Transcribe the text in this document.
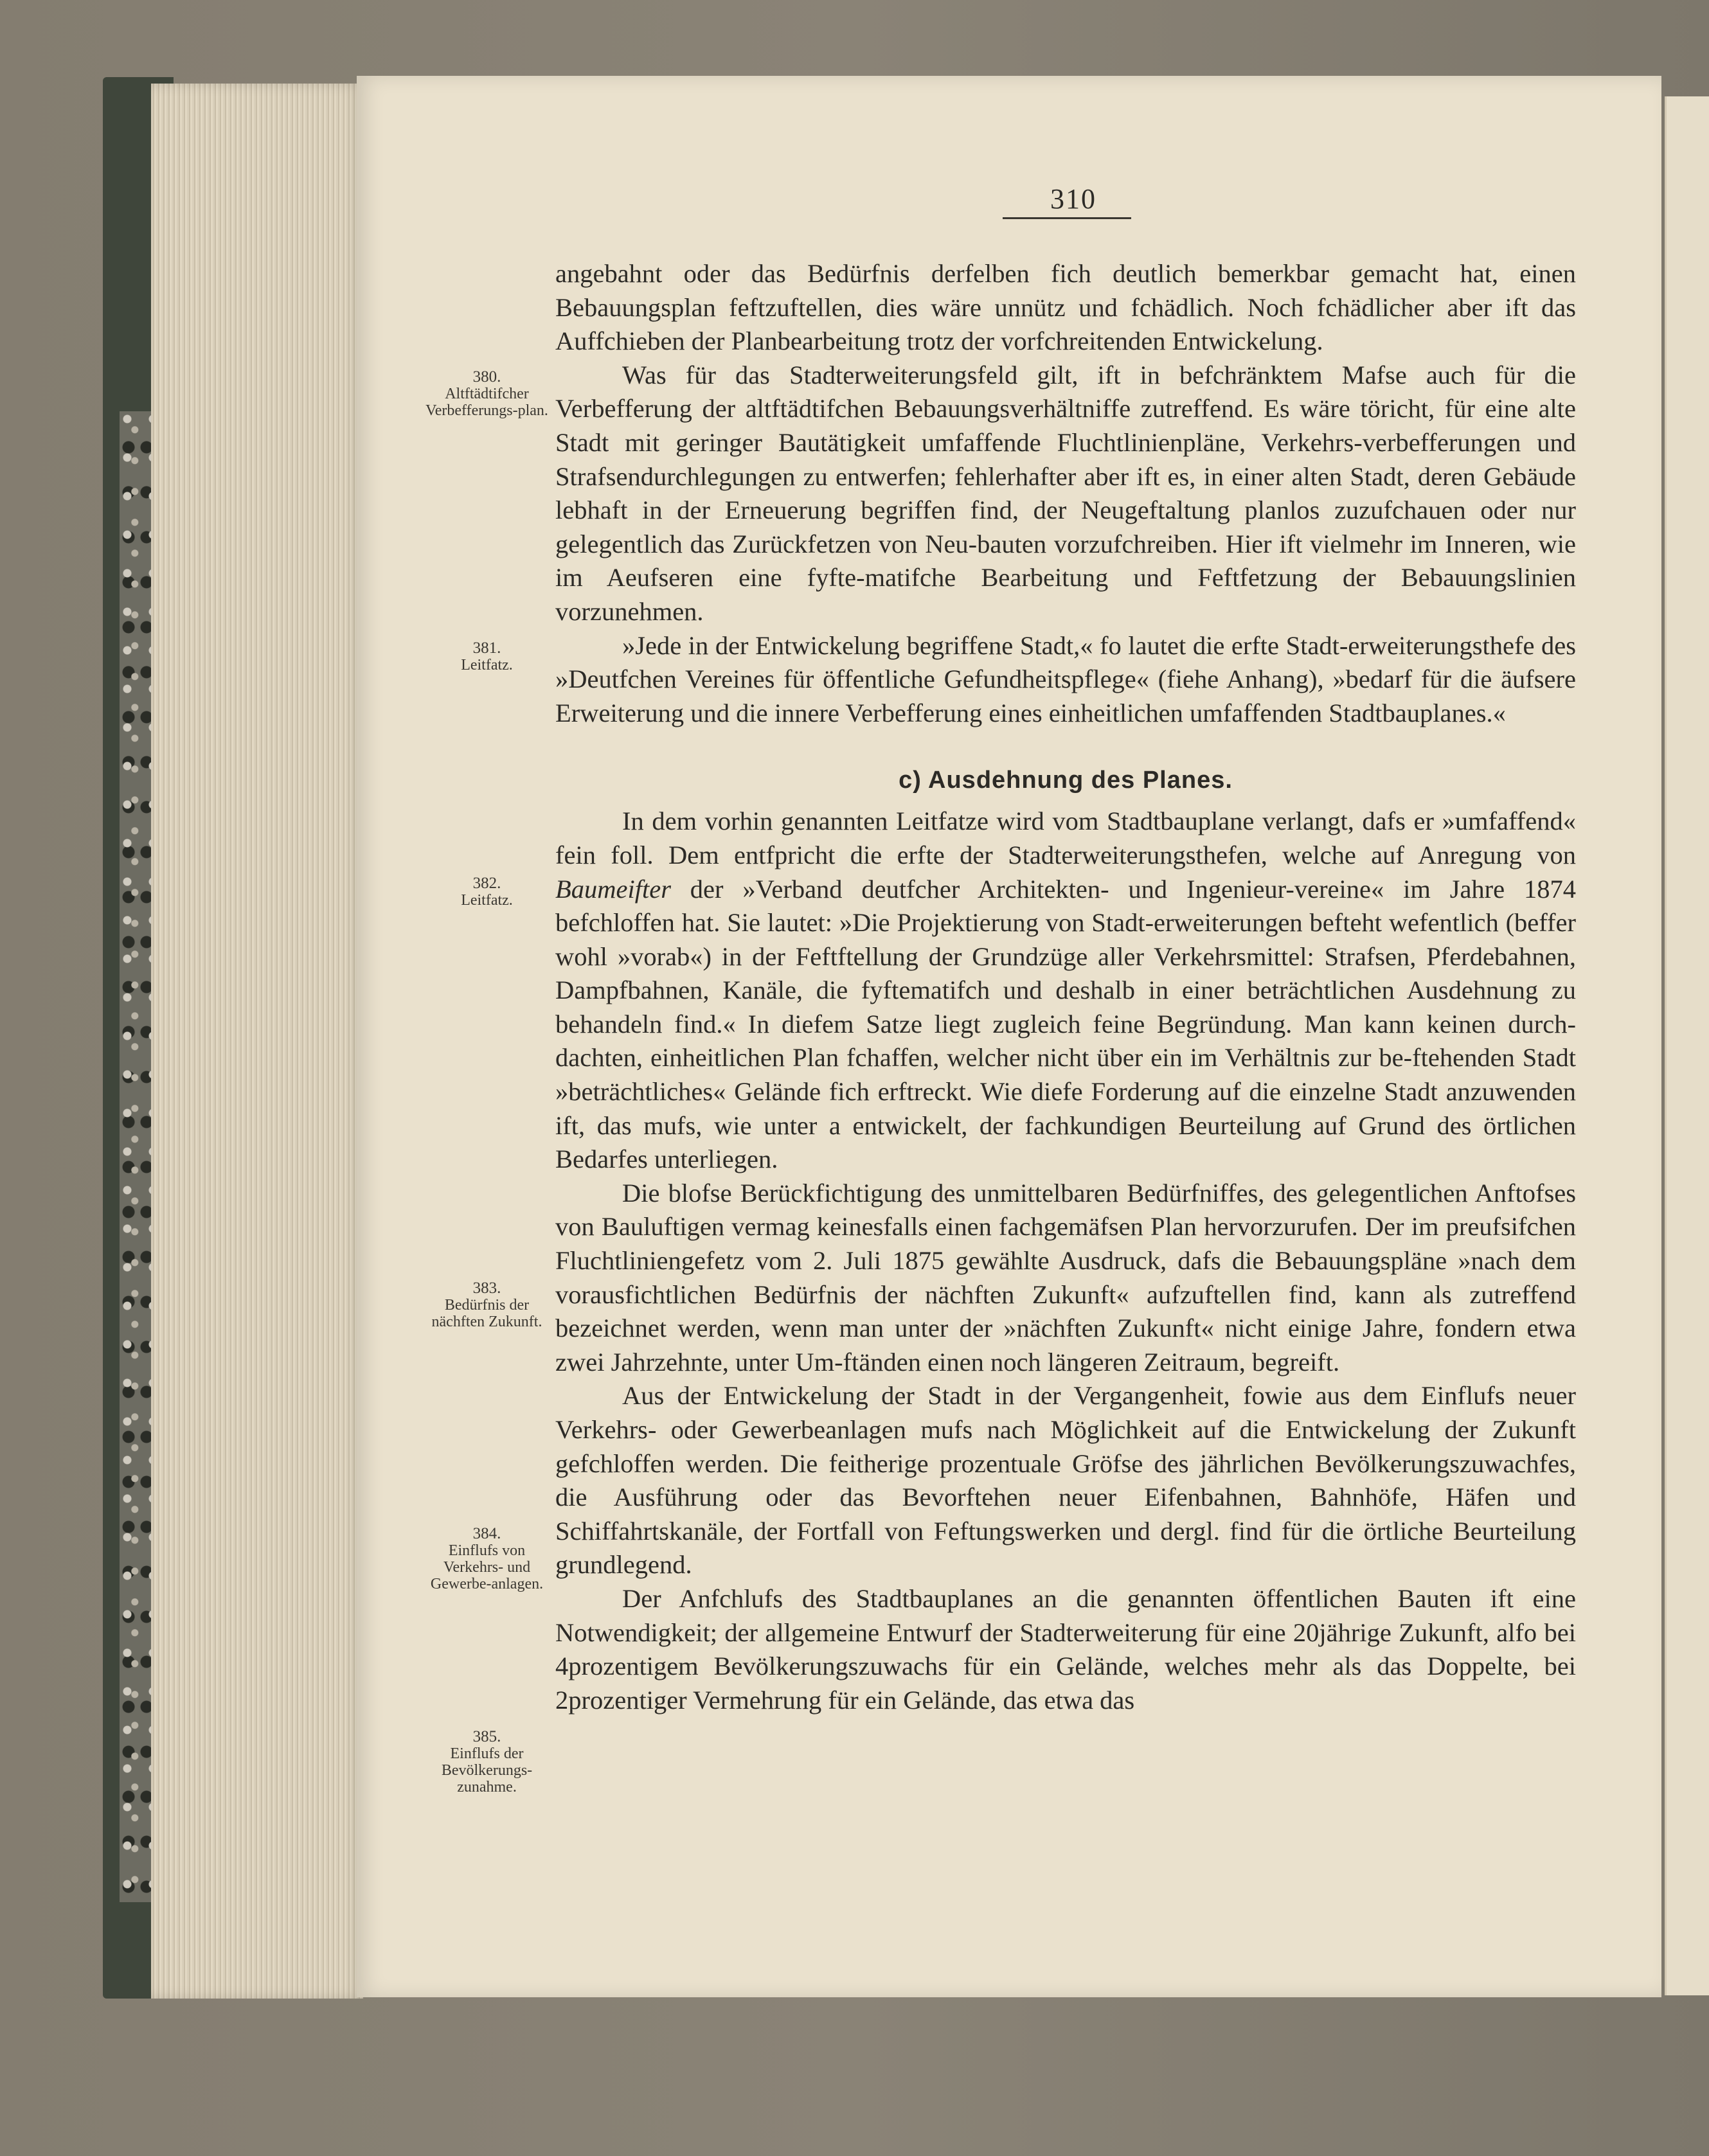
310
380.
Altftädtifcher Verbefferungs-plan.
381.
Leitfatz.
382.
Leitfatz.
383.
Bedürfnis der nächften Zukunft.
384.
Einflufs von Verkehrs- und Gewerbe-anlagen.
385.
Einflufs der Bevölkerungs-zunahme.

angebahnt oder das Bedürfnis derfelben fich deutlich bemerkbar gemacht hat, einen Bebauungsplan feftzuftellen, dies wäre unnütz und fchädlich. Noch fchädlicher aber ift das Auffchieben der Planbearbeitung trotz der vorfchreitenden Entwickelung.

Was für das Stadterweiterungsfeld gilt, ift in befchränktem Mafse auch für die Verbefferung der altftädtifchen Bebauungsverhältniffe zutreffend. Es wäre töricht, für eine alte Stadt mit geringer Bautätigkeit umfaffende Fluchtlinienpläne, Verkehrs-verbefferungen und Strafsendurchlegungen zu entwerfen; fehlerhafter aber ift es, in einer alten Stadt, deren Gebäude lebhaft in der Erneuerung begriffen find, der Neugeftaltung planlos zuzufchauen oder nur gelegentlich das Zurückfetzen von Neu-bauten vorzufchreiben. Hier ift vielmehr im Inneren, wie im Aeufseren eine fyfte-matifche Bearbeitung und Feftfetzung der Bebauungslinien vorzunehmen.

»Jede in der Entwickelung begriffene Stadt,« fo lautet die erfte Stadt-erweiterungsthefe des »Deutfchen Vereines für öffentliche Gefundheitspflege« (fiehe Anhang), »bedarf für die äufsere Erweiterung und die innere Verbefferung eines einheitlichen umfaffenden Stadtbauplanes.«

c) Ausdehnung des Planes.

In dem vorhin genannten Leitfatze wird vom Stadtbauplane verlangt, dafs er »umfaffend« fein foll. Dem entfpricht die erfte der Stadterweiterungsthefen, welche auf Anregung von Baumeifter der »Verband deutfcher Architekten- und Ingenieur-vereine« im Jahre 1874 befchloffen hat. Sie lautet: »Die Projektierung von Stadt-erweiterungen befteht wefentlich (beffer wohl »vorab«) in der Feftftellung der Grundzüge aller Verkehrsmittel: Strafsen, Pferdebahnen, Dampfbahnen, Kanäle, die fyftematifch und deshalb in einer beträchtlichen Ausdehnung zu behandeln find.« In diefem Satze liegt zugleich feine Begründung. Man kann keinen durch-dachten, einheitlichen Plan fchaffen, welcher nicht über ein im Verhältnis zur be-ftehenden Stadt »beträchtliches« Gelände fich erftreckt. Wie diefe Forderung auf die einzelne Stadt anzuwenden ift, das mufs, wie unter a entwickelt, der fachkundigen Beurteilung auf Grund des örtlichen Bedarfes unterliegen.

Die blofse Berückfichtigung des unmittelbaren Bedürfniffes, des gelegentlichen Anftofses von Bauluftigen vermag keinesfalls einen fachgemäfsen Plan hervorzurufen. Der im preufsifchen Fluchtliniengefetz vom 2. Juli 1875 gewählte Ausdruck, dafs die Bebauungspläne »nach dem vorausfichtlichen Bedürfnis der nächften Zukunft« aufzuftellen find, kann als zutreffend bezeichnet werden, wenn man unter der »nächften Zukunft« nicht einige Jahre, fondern etwa zwei Jahrzehnte, unter Um-ftänden einen noch längeren Zeitraum, begreift.

Aus der Entwickelung der Stadt in der Vergangenheit, fowie aus dem Einflufs neuer Verkehrs- oder Gewerbeanlagen mufs nach Möglichkeit auf die Entwickelung der Zukunft gefchloffen werden. Die feitherige prozentuale Gröfse des jährlichen Bevölkerungszuwachfes, die Ausführung oder das Bevorftehen neuer Eifenbahnen, Bahnhöfe, Häfen und Schiffahrtskanäle, der Fortfall von Feftungswerken und dergl. find für die örtliche Beurteilung grundlegend.

Der Anfchlufs des Stadtbauplanes an die genannten öffentlichen Bauten ift eine Notwendigkeit; der allgemeine Entwurf der Stadterweiterung für eine 20jährige Zukunft, alfo bei 4prozentigem Bevölkerungszuwachs für ein Gelände, welches mehr als das Doppelte, bei 2prozentiger Vermehrung für ein Gelände, das etwa das
